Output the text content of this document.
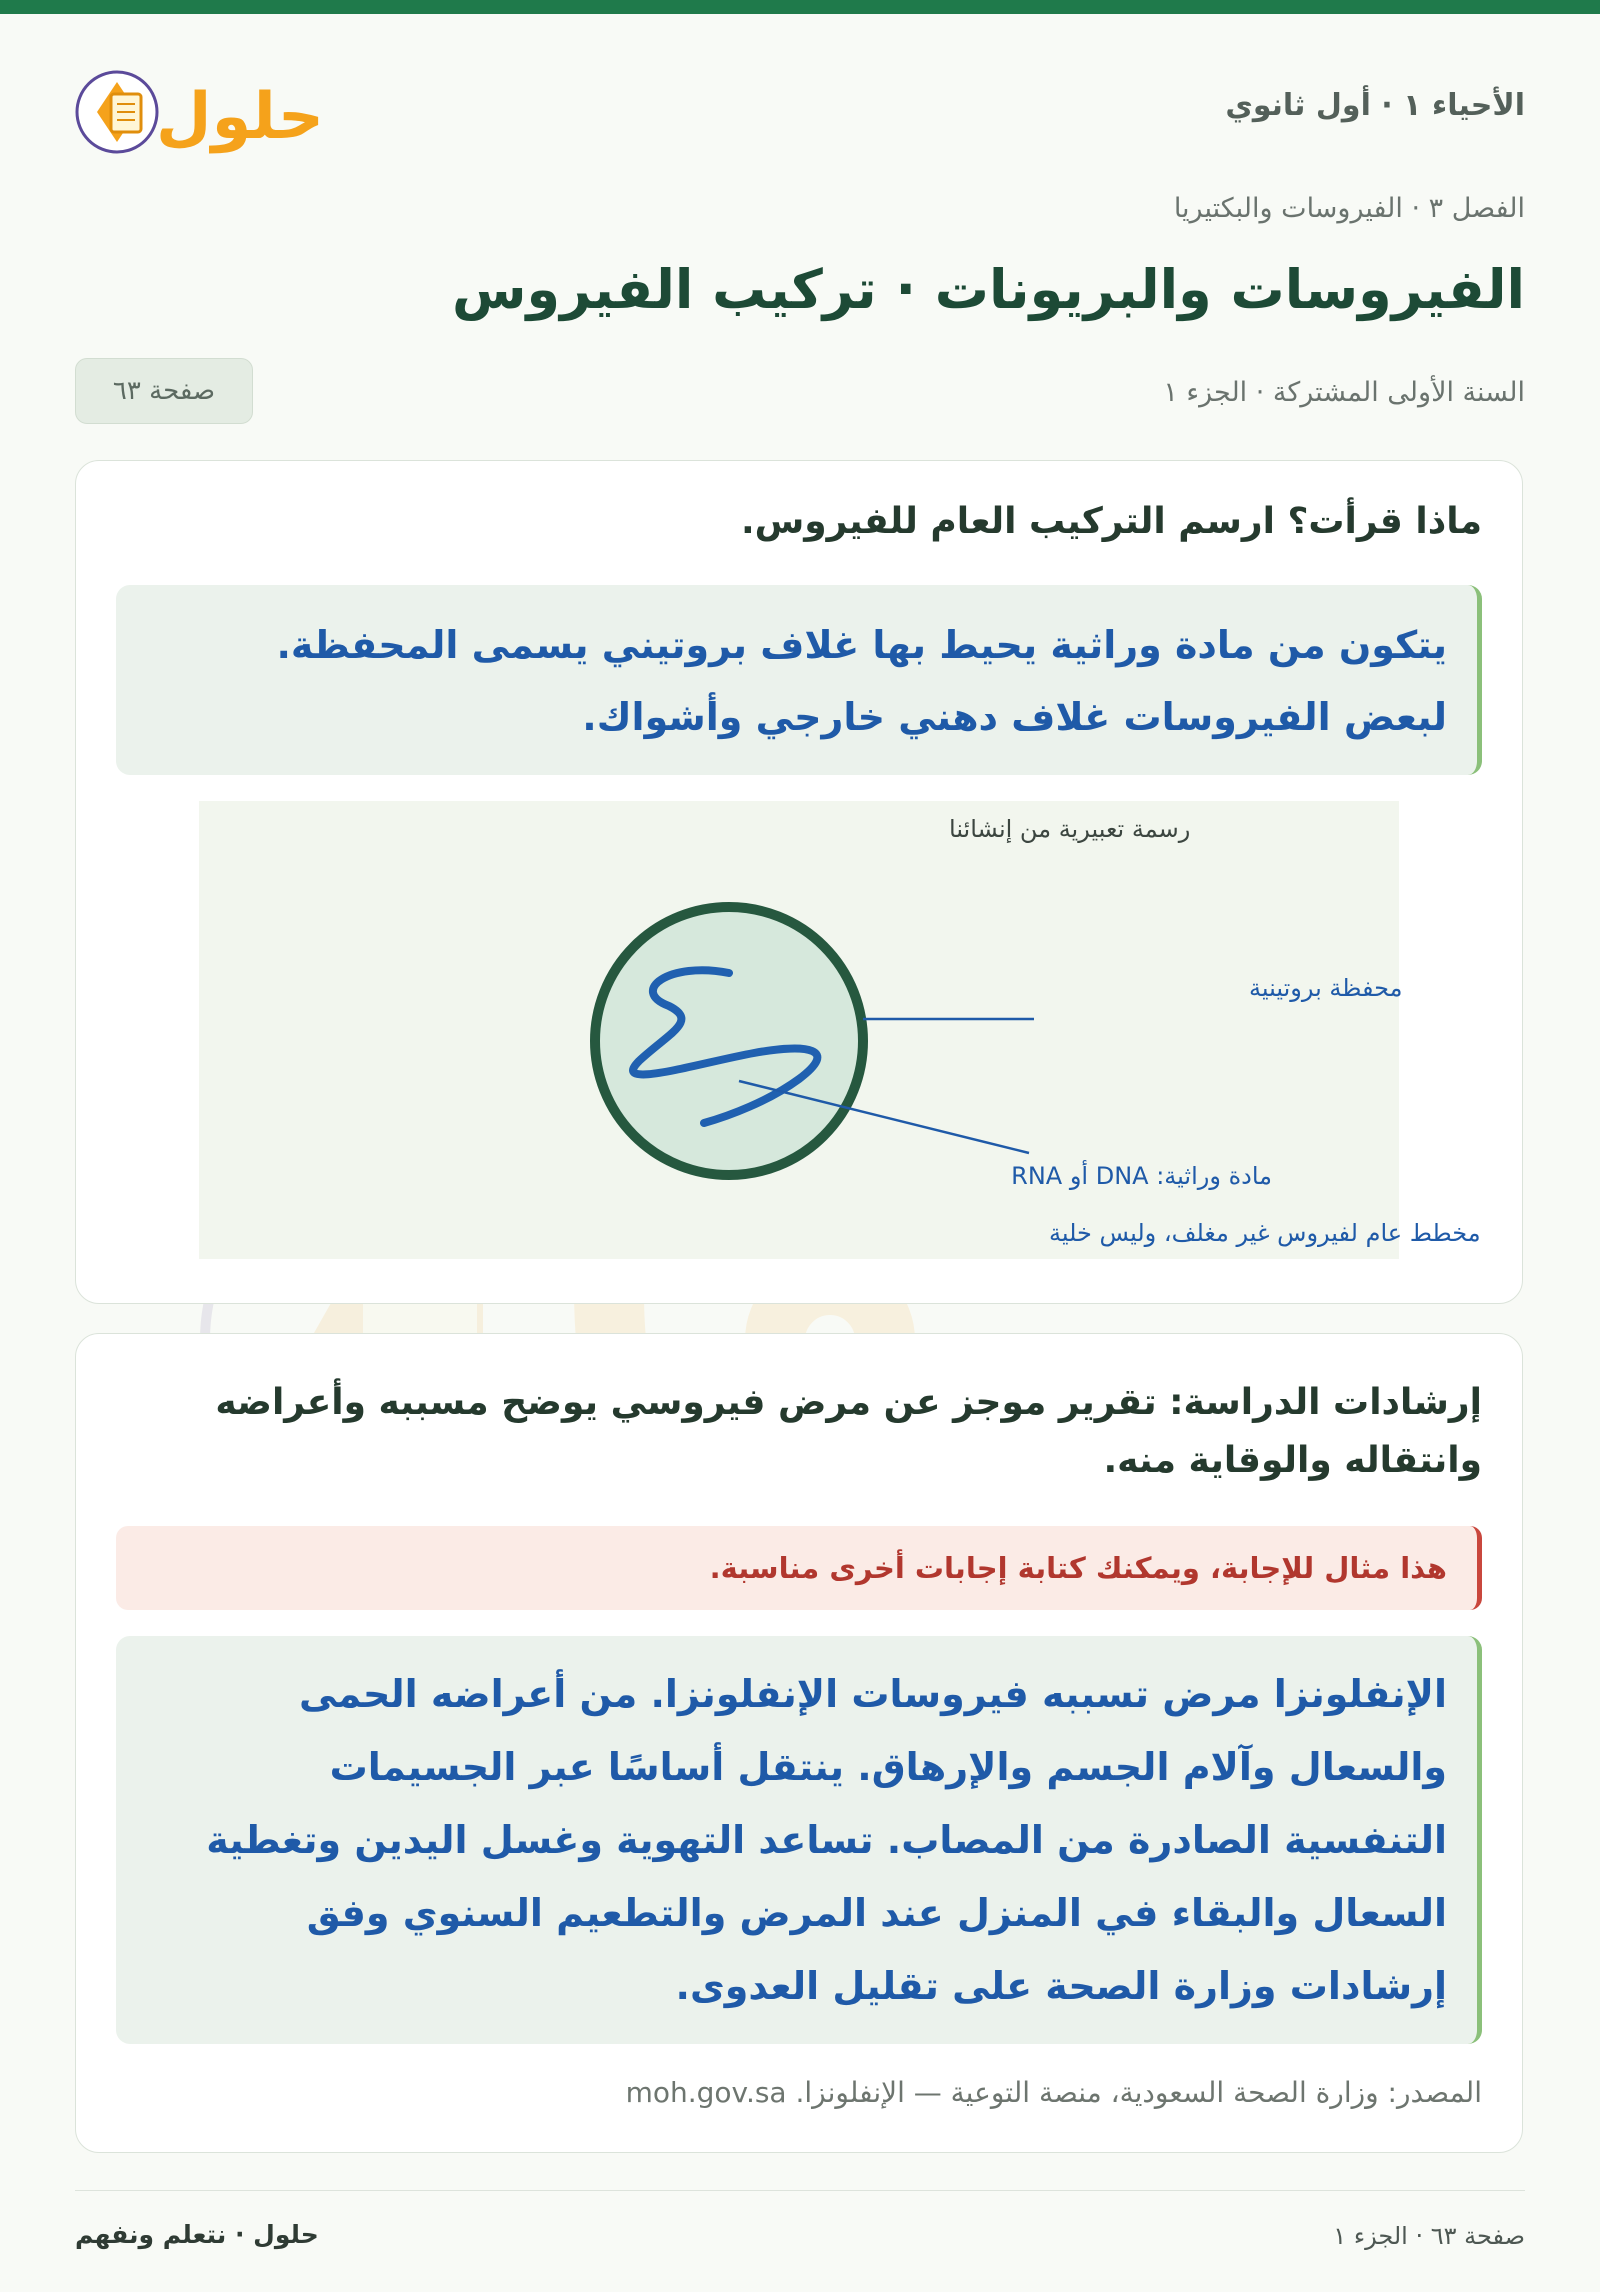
الأحياء ١ · أول ثانوي
حلول
الفصل ٣ · الفيروسات والبكتيريا
الفيروسات والبريونات · تركيب الفيروس
السنة الأولى المشتركة · الجزء ١
صفحة ٦٣

ماذا قرأت؟ ارسم التركيب العام للفيروس.

يتكون من مادة وراثية يحيط بها غلاف بروتيني يسمى المحفظة.

لبعض الفيروسات غلاف دهني خارجي وأشواك.

رسمة تعبيرية من إنشائنا
محفظة بروتينية
RNA أو DNA :مادة وراثية
مخطط عام لفيروس غير مغلف، وليس خلية

إرشادات الدراسة: تقرير موجز عن مرض فيروسي يوضح مسببه وأعراضه وانتقاله والوقاية منه.

هذا مثال للإجابة، ويمكنك كتابة إجابات أخرى مناسبة.

الإنفلونزا مرض تسببه فيروسات الإنفلونزا. من أعراضه الحمى والسعال وآلام الجسم والإرهاق. ينتقل أساسًا عبر الجسيمات التنفسية الصادرة من المصاب. تساعد التهوية وغسل اليدين وتغطية السعال والبقاء في المنزل عند المرض والتطعيم السنوي وفق إرشادات وزارة الصحة على تقليل العدوى.

المصدر: وزارة الصحة السعودية، منصة التوعية — الإنفلونزا. moh.gov.sa
صفحة ٦٣ · الجزء ١
حلول · نتعلم ونفهم
